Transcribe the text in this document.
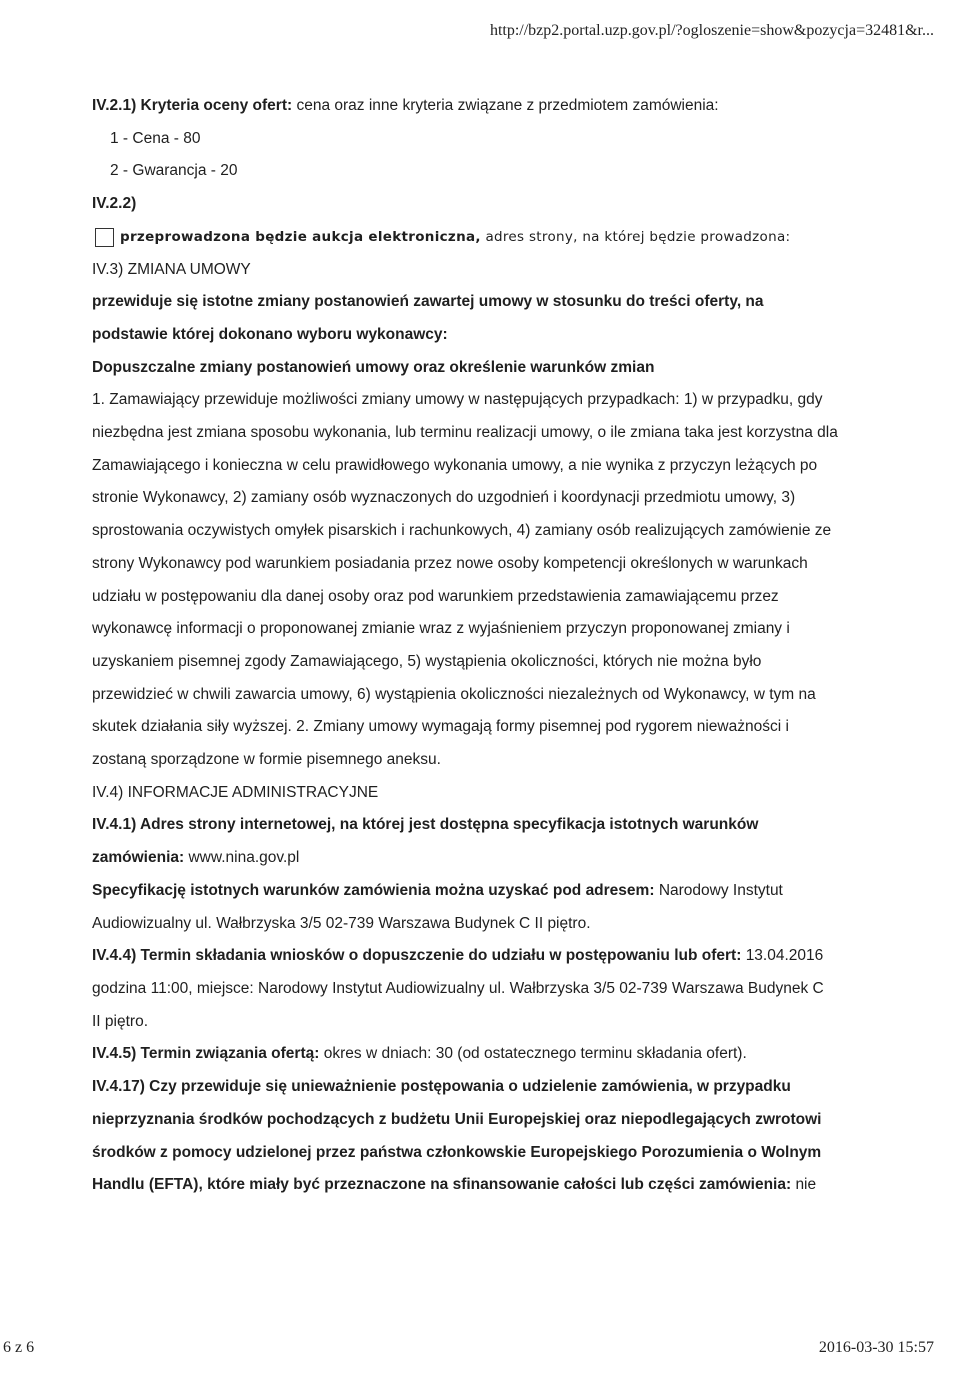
http://bzp2.portal.uzp.gov.pl/?ogloszenie=show&pozycja=32481&r...
IV.2.1) Kryteria oceny ofert: cena oraz inne kryteria związane z przedmiotem zamówienia:
1 - Cena - 80
2 - Gwarancja - 20
IV.2.2)
przeprowadzona będzie aukcja elektroniczna,
adres strony, na której będzie prowadzona:
IV.3) ZMIANA UMOWY
przewiduje się istotne zmiany postanowień zawartej umowy w stosunku do treści oferty, na
podstawie której dokonano wyboru wykonawcy:
Dopuszczalne zmiany postanowień umowy oraz określenie warunków zmian
1. Zamawiający przewiduje możliwości zmiany umowy w następujących przypadkach: 1) w przypadku, gdy
niezbędna jest zmiana sposobu wykonania, lub terminu realizacji umowy, o ile zmiana taka jest korzystna dla
Zamawiającego i konieczna w celu prawidłowego wykonania umowy, a nie wynika z przyczyn leżących po
stronie Wykonawcy, 2) zamiany osób wyznaczonych do uzgodnień i koordynacji przedmiotu umowy, 3)
sprostowania oczywistych omyłek pisarskich i rachunkowych, 4) zamiany osób realizujących zamówienie ze
strony Wykonawcy pod warunkiem posiadania przez nowe osoby kompetencji określonych w warunkach
udziału w postępowaniu dla danej osoby oraz pod warunkiem przedstawienia zamawiającemu przez
wykonawcę informacji o proponowanej zmianie wraz z wyjaśnieniem przyczyn proponowanej zmiany i
uzyskaniem pisemnej zgody Zamawiającego, 5) wystąpienia okoliczności, których nie można było
przewidzieć w chwili zawarcia umowy, 6) wystąpienia okoliczności niezależnych od Wykonawcy, w tym na
skutek działania siły wyższej. 2. Zmiany umowy wymagają formy pisemnej pod rygorem nieważności i
zostaną sporządzone w formie pisemnego aneksu.
IV.4) INFORMACJE ADMINISTRACYJNE
IV.4.1) Adres strony internetowej, na której jest dostępna specyfikacja istotnych warunków
zamówienia: www.nina.gov.pl
Specyfikację istotnych warunków zamówienia można uzyskać pod adresem: Narodowy Instytut
Audiowizualny ul. Wałbrzyska 3/5 02-739 Warszawa Budynek C II piętro.
IV.4.4) Termin składania wniosków o dopuszczenie do udziału w postępowaniu lub ofert: 13.04.2016
godzina 11:00, miejsce: Narodowy Instytut Audiowizualny ul. Wałbrzyska 3/5 02-739 Warszawa Budynek C
II piętro.
IV.4.5) Termin związania ofertą: okres w dniach: 30 (od ostatecznego terminu składania ofert).
IV.4.17) Czy przewiduje się unieważnienie postępowania o udzielenie zamówienia, w przypadku
nieprzyznania środków pochodzących z budżetu Unii Europejskiej oraz niepodlegających zwrotowi
środków z pomocy udzielonej przez państwa członkowskie Europejskiego Porozumienia o Wolnym
Handlu (EFTA), które miały być przeznaczone na sfinansowanie całości lub części zamówienia: nie
6 z 6	2016-03-30 15:57
